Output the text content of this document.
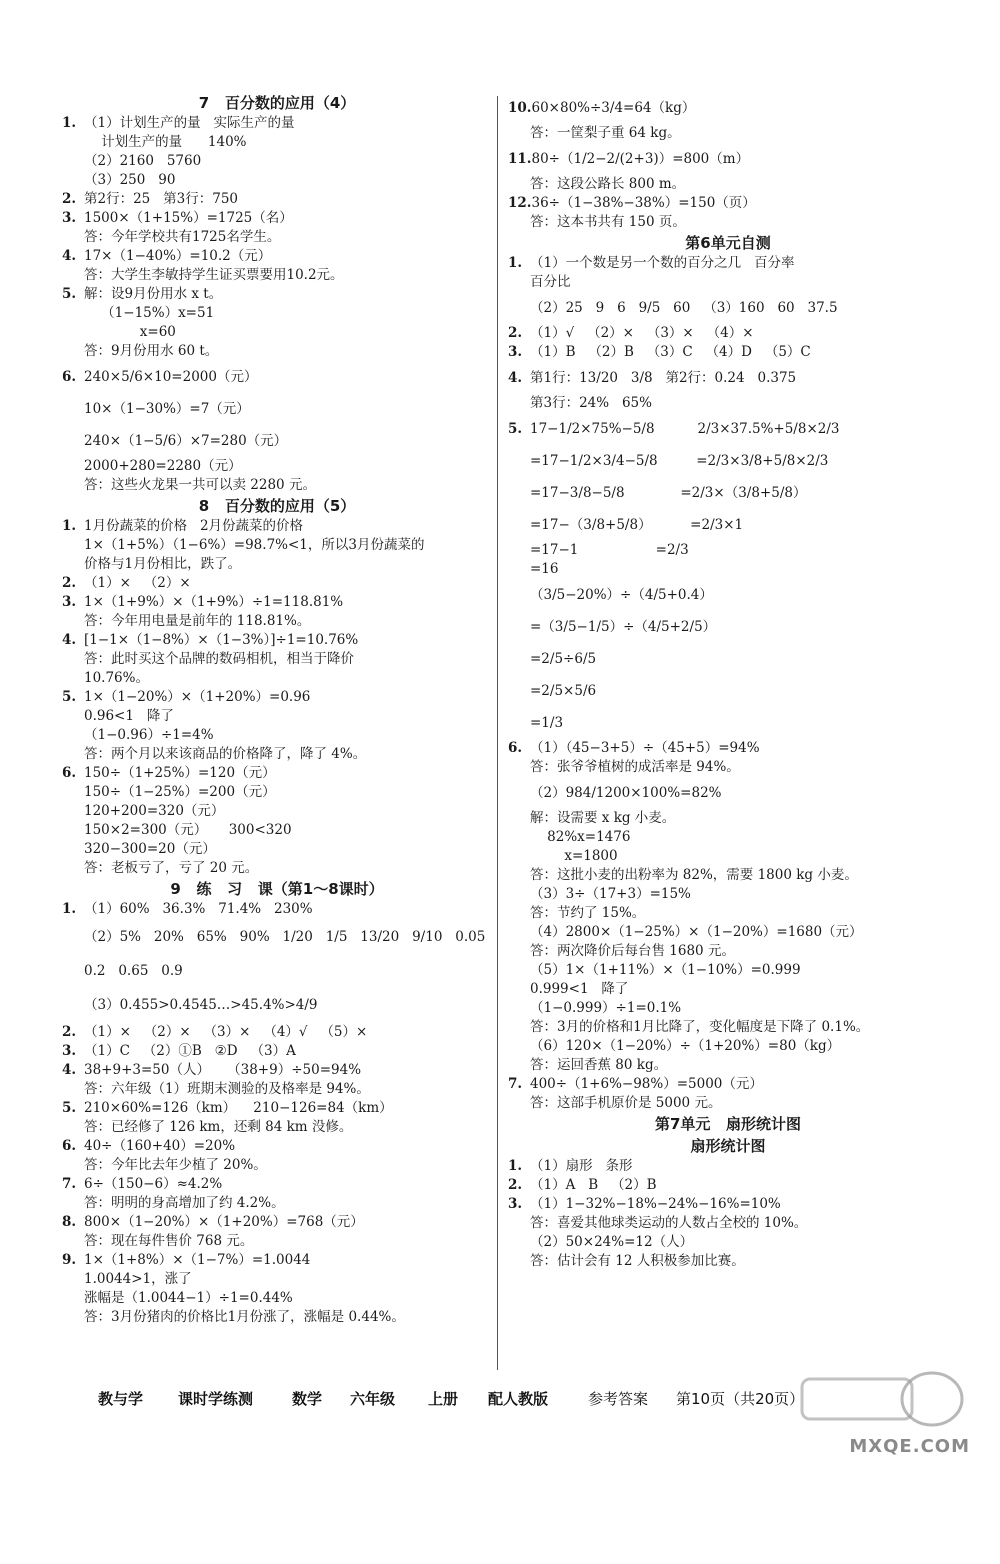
7   百分数的应用（4）
1. （1）计划生产的量   实际生产的量
计划生产的量      140%
（2）2160   5760
（3）250   90
2. 第2行：25   第3行：750
3. 1500×（1+15%）=1725（名）
答：今年学校共有1725名学生。
4. 17×（1−40%）=10.2（元）
答：大学生李敏持学生证买票要用10.2元。
5. 解：设9月份用水 x t。
（1−15%）x=51
x=60
答：9月份用水 60 t。
6. 240×5/6×10=2000（元）
10×（1−30%）=7（元）
240×（1−5/6）×7=280（元）
2000+280=2280（元）
答：这些火龙果一共可以卖 2280 元。
8   百分数的应用（5）
1. 1月份蔬菜的价格   2月份蔬菜的价格
1×（1+5%）（1−6%）=98.7%<1，所以3月份蔬菜的
价格与1月份相比，跌了。
2. （1）×   （2）×
3. 1×（1+9%）×（1+9%）÷1=118.81%
答：今年用电量是前年的 118.81%。
4. [1−1×（1−8%）×（1−3%）]÷1=10.76%
答：此时买这个品牌的数码相机，相当于降价
10.76%。
5. 1×（1−20%）×（1+20%）=0.96
0.96<1   降了
（1−0.96）÷1=4%
答：两个月以来该商品的价格降了，降了 4%。
6. 150÷（1+25%）=120（元）
150÷（1−25%）=200（元）
120+200=320（元）
150×2=300（元）     300<320
320−300=20（元）
答：老板亏了，亏了 20 元。
9   练   习   课（第1～8课时）
1. （1）60%   36.3%   71.4%   230%
（2）5%   20%   65%   90%   1/20   1/5   13/20   9/10   0.05
0.2   0.65   0.9
（3）0.455>0.4545…>45.4%>4/9
2. （1）×   （2）×   （3）×   （4）√   （5）×
3. （1）C   （2）①B   ②D   （3）A
4. 38+9+3=50（人）    （38+9）÷50=94%
答：六年级（1）班期末测验的及格率是 94%。
5. 210×60%=126（km）    210−126=84（km）
答：已经修了 126 km，还剩 84 km 没修。
6. 40÷（160+40）=20%
答：今年比去年少植了 20%。
7. 6÷（150−6）≈4.2%
答：明明的身高增加了约 4.2%。
8. 800×（1−20%）×（1+20%）=768（元）
答：现在每件售价 768 元。
9. 1×（1+8%）×（1−7%）=1.0044
1.0044>1，涨了
涨幅是（1.0044−1）÷1=0.44%
答：3月份猪肉的价格比1月份涨了，涨幅是 0.44%。
10.60×80%÷3/4=64（kg）
答：一筐梨子重 64 kg。
11.80÷（1/2−2/(2+3)）=800（m）
答：这段公路长 800 m。
12.36÷（1−38%−38%）=150（页）
答：这本书共有 150 页。
第6单元自测
1. （1）一个数是另一个数的百分之几   百分率
百分比
（2）25   9   6   9/5   60   （3）160   60   37.5
2. （1）√   （2）×   （3）×   （4）×
3. （1）B   （2）B   （3）C   （4）D   （5）C
4. 第1行：13/20   3/8   第2行：0.24   0.375
第3行：24%   65%
5. 17−1/2×75%−5/8          2/3×37.5%+5/8×2/3
=17−1/2×3/4−5/8         =2/3×3/8+5/8×2/3
=17−3/8−5/8             =2/3×（3/8+5/8）
=17−（3/8+5/8）         =2/3×1
=17−1                  =2/3
=16
（3/5−20%）÷（4/5+0.4）
=（3/5−1/5）÷（4/5+2/5）
=2/5÷6/5
=2/5×5/6
=1/3
6. （1）（45−3+5）÷（45+5）=94%
答：张爷爷植树的成活率是 94%。
（2）984/1200×100%=82%
解：设需要 x kg 小麦。
82%x=1476
x=1800
答：这批小麦的出粉率为 82%，需要 1800 kg 小麦。
（3）3÷（17+3）=15%
答：节约了 15%。
（4）2800×（1−25%）×（1−20%）=1680（元）
答：两次降价后每台售 1680 元。
（5）1×（1+11%）×（1−10%）=0.999
0.999<1   降了
（1−0.999）÷1=0.1%
答：3月的价格和1月比降了，变化幅度是下降了 0.1%。
（6）120×（1−20%）÷（1+20%）=80（kg）
答：运回香蕉 80 kg。
7. 400÷（1+6%−98%）=5000（元）
答：这部手机原价是 5000 元。
第7单元   扇形统计图
扇形统计图
1. （1）扇形   条形
2. （1）A   B   （2）B
3. （1）1−32%−18%−24%−16%=10%
答：喜爱其他球类运动的人数占全校的 10%。
（2）50×24%=12（人）
答：估计会有 12 人积极参加比赛。

教与学

课时学练测

	数学

六年级

上册

配人教版

	参考答案

第10页（共20页）

MXQE.COM
